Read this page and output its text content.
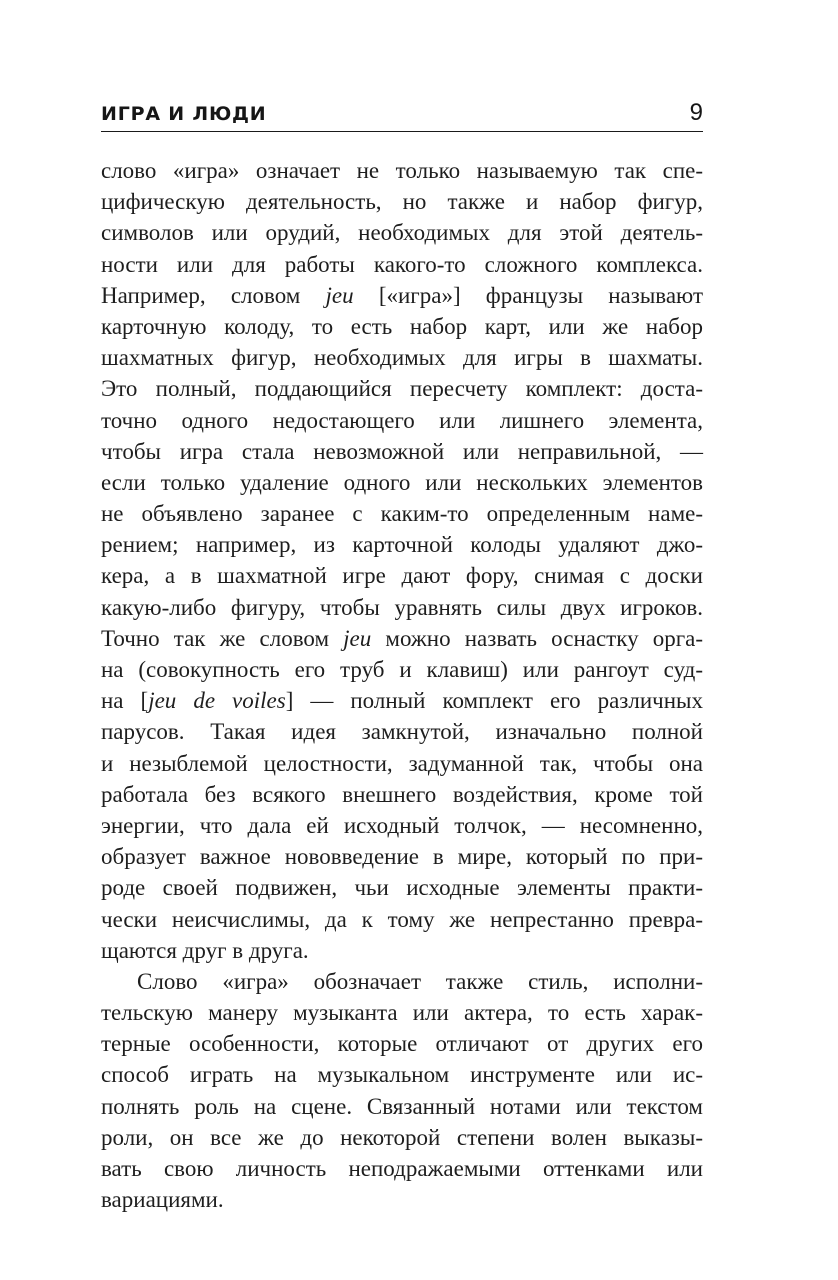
ИГРА И ЛЮДИ	9
слово «игра» означает не только называемую так спе-
цифическую деятельность, но также и набор фигур,
символов или орудий, необходимых для этой деятель-
ности или для работы какого-то сложного комплекса.
Например, словом jeu [«игра»] французы называют
карточную колоду, то есть набор карт, или же набор
шахматных фигур, необходимых для игры в шахматы.
Это полный, поддающийся пересчету комплект: доста-
точно одного недостающего или лишнего элемента,
чтобы игра стала невозможной или неправильной, —
если только удаление одного или нескольких элементов
не объявлено заранее с каким-то определенным наме-
рением; например, из карточной колоды удаляют джо-
кера, а в шахматной игре дают фору, снимая с доски
какую-либо фигуру, чтобы уравнять силы двух игроков.
Точно так же словом jeu можно назвать оснастку орга-
на (совокупность его труб и клавиш) или рангоут суд-
на [jeu de voiles] — полный комплект его различных
парусов. Такая идея замкнутой, изначально полной
и незыблемой целостности, задуманной так, чтобы она
работала без всякого внешнего воздействия, кроме той
энергии, что дала ей исходный толчок, — несомненно,
образует важное нововведение в мире, который по при-
роде своей подвижен, чьи исходные элементы практи-
чески неисчислимы, да к тому же непрестанно превра-
щаются друг в друга.
Слово «игра» обозначает также стиль, исполни-
тельскую манеру музыканта или актера, то есть харак-
терные особенности, которые отличают от других его
способ играть на музыкальном инструменте или ис-
полнять роль на сцене. Связанный нотами или текстом
роли, он все же до некоторой степени волен выказы-
вать свою личность неподражаемыми оттенками или
вариациями.
